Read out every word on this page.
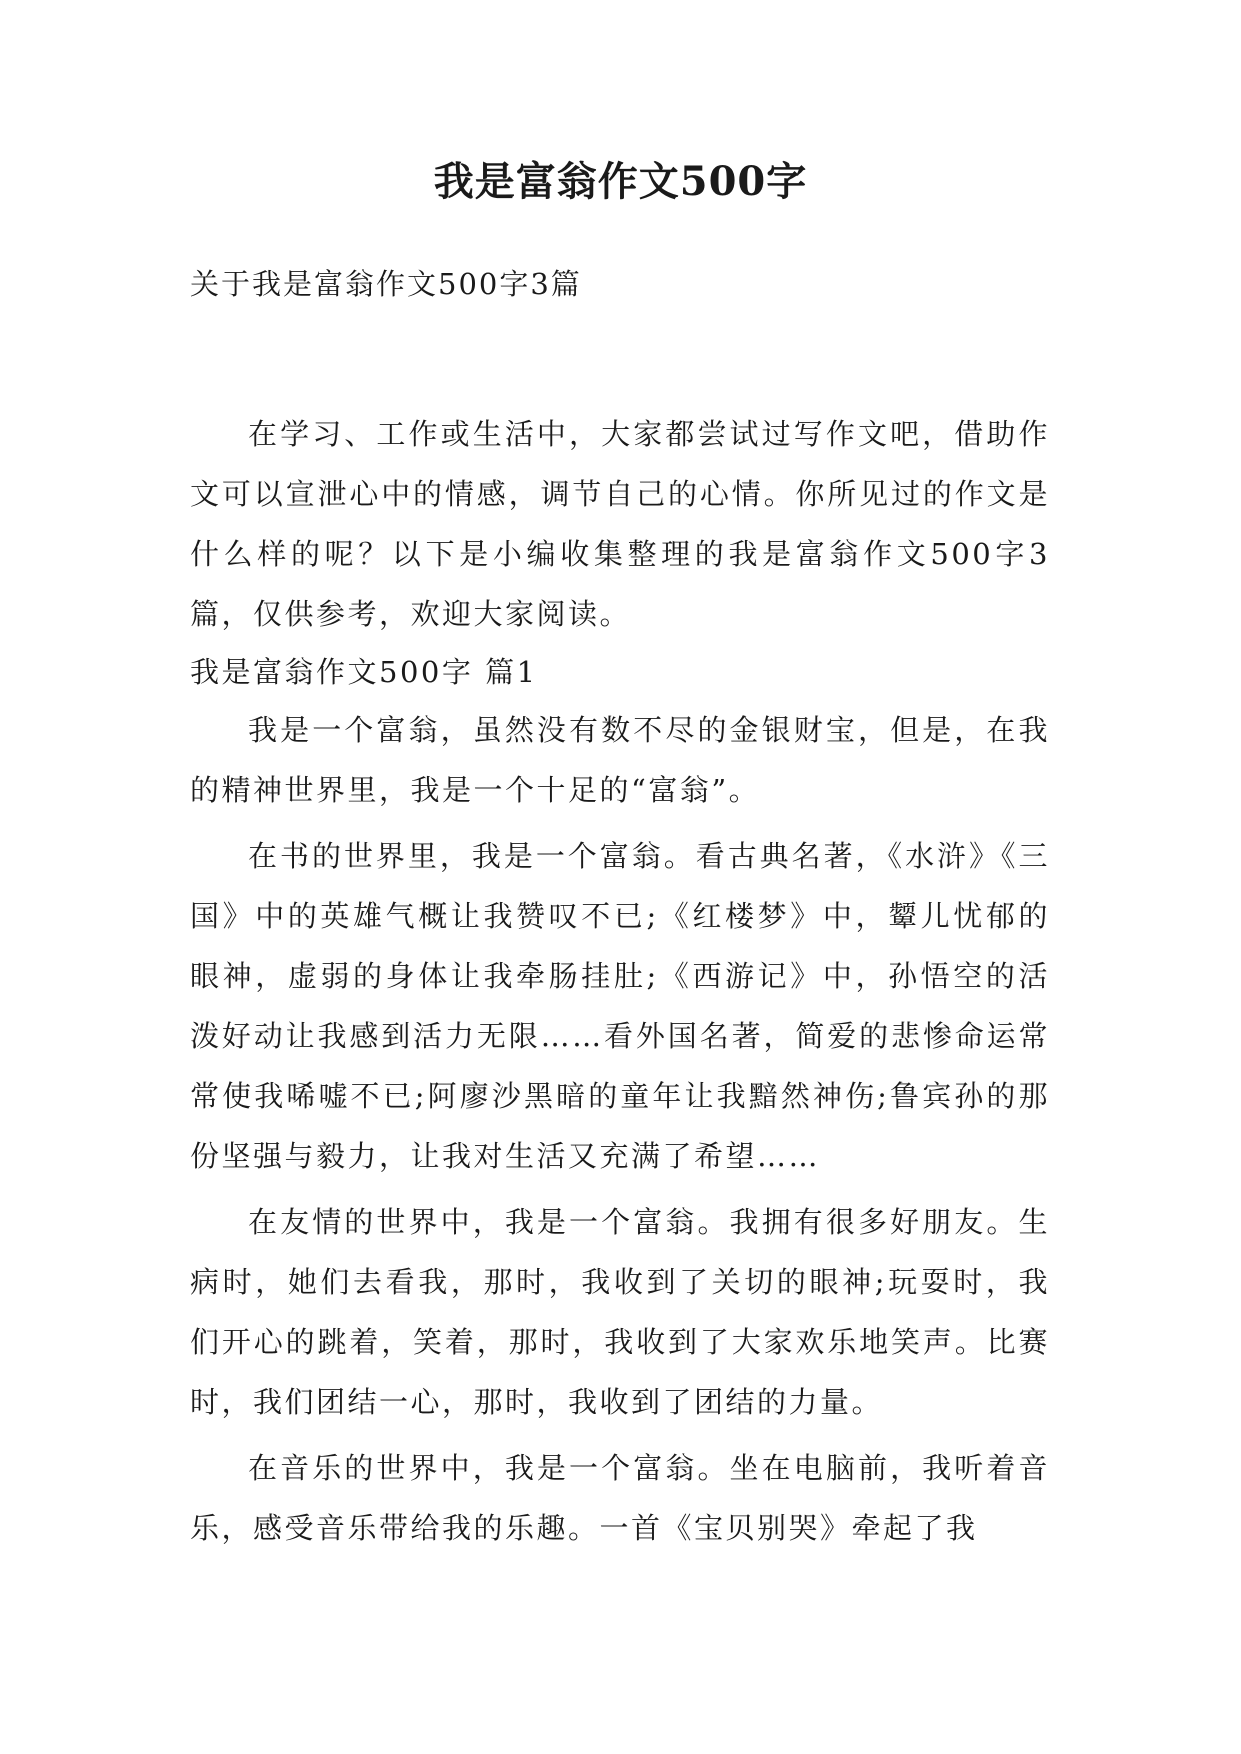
我是富翁作文500字

关于我是富翁作文500字3篇

在学习、工作或生活中，大家都尝试过写作文吧，借助作文可以宣泄心中的情感，调节自己的心情。你所见过的作文是什么样的呢？以下是小编收集整理的我是富翁作文500字3篇，仅供参考，欢迎大家阅读。

我是富翁作文500字 篇1

我是一个富翁，虽然没有数不尽的金银财宝，但是，在我的精神世界里，我是一个十足的“富翁”。

在书的世界里，我是一个富翁。看古典名著，《水浒》《三国》中的英雄气概让我赞叹不已;《红楼梦》中，颦儿忧郁的眼神，虚弱的身体让我牵肠挂肚;《西游记》中，孙悟空的活泼好动让我感到活力无限……看外国名著，简爱的悲惨命运常常使我唏嘘不已;阿廖沙黑暗的童年让我黯然神伤;鲁宾孙的那份坚强与毅力，让我对生活又充满了希望……

在友情的世界中，我是一个富翁。我拥有很多好朋友。生病时，她们去看我，那时，我收到了关切的眼神;玩耍时，我们开心的跳着，笑着，那时，我收到了大家欢乐地笑声。比赛时，我们团结一心，那时，我收到了团结的力量。

在音乐的世界中，我是一个富翁。坐在电脑前，我听着音乐，感受音乐带给我的乐趣。一首《宝贝别哭》牵起了我
